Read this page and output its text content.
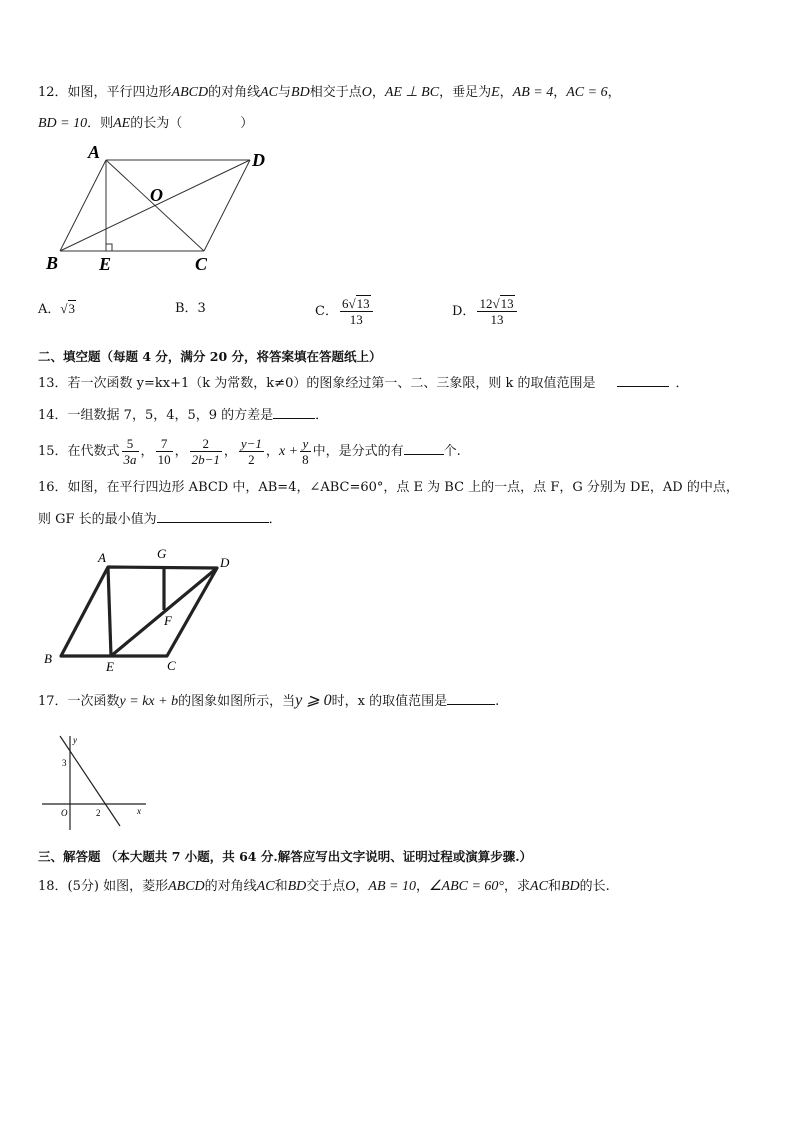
12．如图，平行四边形ABCD的对角线AC与BD相交于点O，AE ⊥ BC，垂足为E，AB = 4，AC = 6，
BD = 10．则AE的长为（	）
A	D
O
B E	C
A．√3	B．3	C． $\frac{6√13}{13}$	D． $\frac{12√13}{13}$
二、填空题（每题 4 分，满分 20 分，将答案填在答题纸上）
13．若一次函数 y=kx+1（k 为常数，k≠0）的图象经过第一、二、三象限，则 k 的取值范围是	．
14．一组数据 7，5，4，5，9 的方差是	．
15．在代数式 $\frac{5}{3a}$ ， $\frac{7}{10}$ ， $\frac{2}{2b-1}$ ， $\frac{y-1}{2}$ ，$x + \frac{y}{8}$ 中，是分式的有	个.
16．如图，在平行四边形 ABCD 中，AB=4，∠ABC=60°，点 E 为 BC 上的一点，点 F，G 分别为 DE，AD 的中点，
则 GF 长的最小值为	．
A	G
D
F
B
E	C
17．一次函数y = kx + b的图象如图所示，当y ⩾ 0时，x 的取值范围是	.
y
x
O
3
2
三、解答题 （本大题共 7 小题，共 64 分.解答应写出文字说明、证明过程或演算步骤.）
18．(5分) 如图，菱形ABCD的对角线AC和BD交于点O，AB = 10，∠ABC = 60°，求AC和BD的长.
